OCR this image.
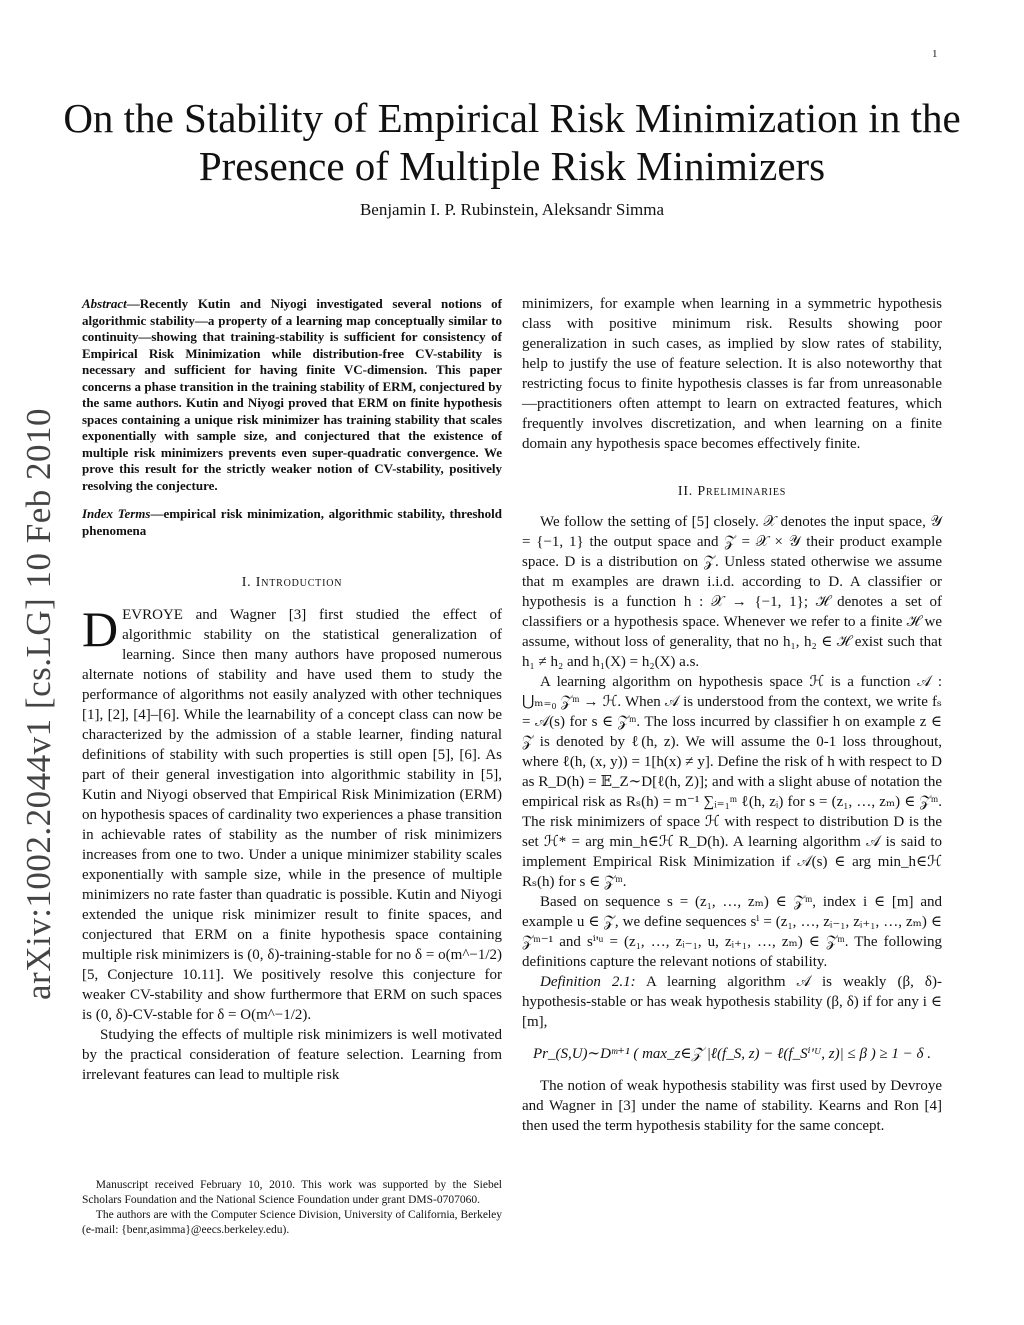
1
On the Stability of Empirical Risk Minimization in the Presence of Multiple Risk Minimizers
Benjamin I. P. Rubinstein, Aleksandr Simma
arXiv:1002.2044v1 [cs.LG] 10 Feb 2010
Abstract—Recently Kutin and Niyogi investigated several notions of algorithmic stability—a property of a learning map conceptually similar to continuity—showing that training-stability is sufficient for consistency of Empirical Risk Minimization while distribution-free CV-stability is necessary and sufficient for having finite VC-dimension. This paper concerns a phase transition in the training stability of ERM, conjectured by the same authors. Kutin and Niyogi proved that ERM on finite hypothesis spaces containing a unique risk minimizer has training stability that scales exponentially with sample size, and conjectured that the existence of multiple risk minimizers prevents even super-quadratic convergence. We prove this result for the strictly weaker notion of CV-stability, positively resolving the conjecture.
Index Terms—empirical risk minimization, algorithmic stability, threshold phenomena
I. Introduction

DEVROYE and Wagner [3] first studied the effect of algorithmic stability on the statistical generalization of learning. Since then many authors have proposed numerous alternate notions of stability and have used them to study the performance of algorithms not easily analyzed with other techniques [1], [2], [4]–[6]. While the learnability of a concept class can now be characterized by the admission of a stable learner, finding natural definitions of stability with such properties is still open [5], [6]. As part of their general investigation into algorithmic stability in [5], Kutin and Niyogi observed that Empirical Risk Minimization (ERM) on hypothesis spaces of cardinality two experiences a phase transition in achievable rates of stability as the number of risk minimizers increases from one to two. Under a unique minimizer stability scales exponentially with sample size, while in the presence of multiple minimizers no rate faster than quadratic is possible. Kutin and Niyogi extended the unique risk minimizer result to finite spaces, and conjectured that ERM on a finite hypothesis space containing multiple risk minimizers is (0, δ)-training-stable for no δ = o(m^−1/2) [5, Conjecture 10.11]. We positively resolve this conjecture for weaker CV-stability and show furthermore that ERM on such spaces is (0, δ)-CV-stable for δ = O(m^−1/2).

Studying the effects of multiple risk minimizers is well motivated by the practical consideration of feature selection. Learning from irrelevant features can lead to multiple risk

minimizers, for example when learning in a symmetric hypothesis class with positive minimum risk. Results showing poor generalization in such cases, as implied by slow rates of stability, help to justify the use of feature selection. It is also noteworthy that restricting focus to finite hypothesis classes is far from unreasonable—practitioners often attempt to learn on extracted features, which frequently involves discretization, and when learning on a finite domain any hypothesis space becomes effectively finite.

II. Preliminaries

We follow the setting of [5] closely. 𝒳 denotes the input space, 𝒴 = {−1, 1} the output space and 𝒵 = 𝒳 × 𝒴 their product example space. D is a distribution on 𝒵. Unless stated otherwise we assume that m examples are drawn i.i.d. according to D. A classifier or hypothesis is a function h : 𝒳 → {−1, 1}; ℋ denotes a set of classifiers or a hypothesis space. Whenever we refer to a finite ℋ we assume, without loss of generality, that no h₁, h₂ ∈ ℋ exist such that h₁ ≠ h₂ and h₁(X) = h₂(X) a.s.

A learning algorithm on hypothesis space ℋ is a function 𝒜 : ⋃ₘ₌₀ 𝒵ᵐ → ℋ. When 𝒜 is understood from the context, we write fₛ = 𝒜(s) for s ∈ 𝒵ᵐ. The loss incurred by classifier h on example z ∈ 𝒵 is denoted by ℓ(h, z). We will assume the 0-1 loss throughout, where ℓ(h, (x, y)) = 1[h(x) ≠ y]. Define the risk of h with respect to D as R_D(h) = 𝔼_Z∼D[ℓ(h, Z)]; and with a slight abuse of notation the empirical risk as Rₛ(h) = m⁻¹ ∑ᵢ₌₁ᵐ ℓ(h, zᵢ) for s = (z₁, …, zₘ) ∈ 𝒵ᵐ. The risk minimizers of space ℋ with respect to distribution D is the set ℋ* = arg min_h∈ℋ R_D(h). A learning algorithm 𝒜 is said to implement Empirical Risk Minimization if 𝒜(s) ∈ arg min_h∈ℋ Rₛ(h) for s ∈ 𝒵ᵐ.

Based on sequence s = (z₁, …, zₘ) ∈ 𝒵ᵐ, index i ∈ [m] and example u ∈ 𝒵, we define sequences sⁱ = (z₁, …, zᵢ₋₁, zᵢ₊₁, …, zₘ) ∈ 𝒵ᵐ⁻¹ and sⁱ'ᵘ = (z₁, …, zᵢ₋₁, u, zᵢ₊₁, …, zₘ) ∈ 𝒵ᵐ. The following definitions capture the relevant notions of stability.

Definition 2.1: A learning algorithm 𝒜 is weakly (β, δ)-hypothesis-stable or has weak hypothesis stability (β, δ) if for any i ∈ [m],

Pr_(S,U)∼Dᵐ⁺¹ ( max_z∈𝒵 |ℓ(f_S, z) − ℓ(f_Sⁱ'ᵁ, z)| ≤ β ) ≥ 1 − δ .

The notion of weak hypothesis stability was first used by Devroye and Wagner in [3] under the name of stability. Kearns and Ron [4] then used the term hypothesis stability for the same concept.

Manuscript received February 10, 2010. This work was supported by the Siebel Scholars Foundation and the National Science Foundation under grant DMS-0707060.

The authors are with the Computer Science Division, University of California, Berkeley (e-mail: {benr,asimma}@eecs.berkeley.edu).
